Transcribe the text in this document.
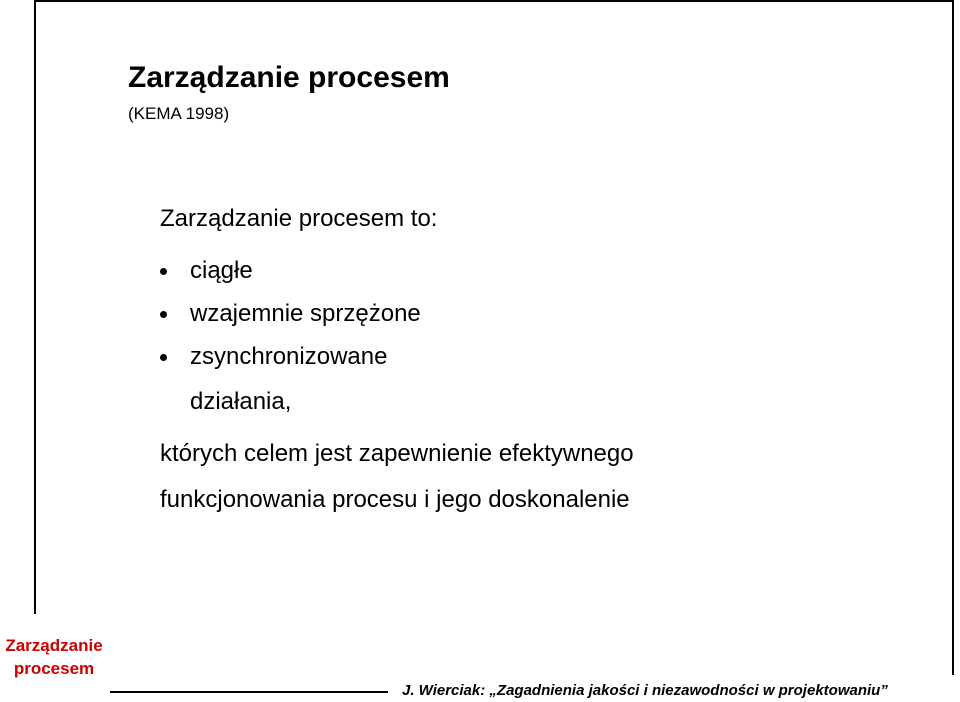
Zarządzanie procesem
(KEMA 1998)
Zarządzanie procesem to:
ciągłe
wzajemnie sprzężone
zsynchronizowane
działania,
których celem jest zapewnienie efektywnego
funkcjonowania procesu i jego doskonalenie
Zarządzanie
procesem
J. Wierciak: „Zagadnienia jakości i niezawodności w projektowaniu”
